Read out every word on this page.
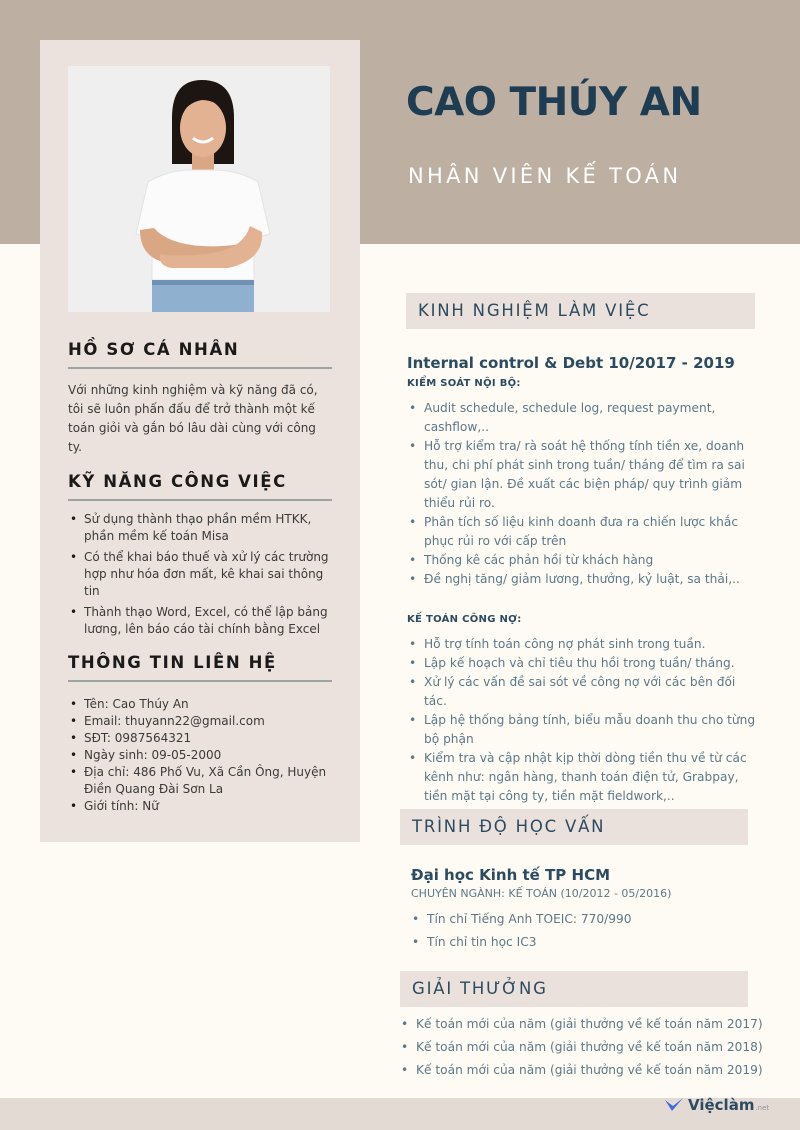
HỒ SƠ CÁ NHÂN

Với những kinh nghiệm và kỹ năng đã có, tôi sẽ luôn phấn đấu để trở thành một kế toán giỏi và gắn bó lâu dài cùng với công ty.

KỸ NĂNG CÔNG VIỆC
• Sử dụng thành thạo phần mềm HTKK, phần mềm kế toán Misa
• Có thể khai báo thuế và xử lý các trường hợp như hóa đơn mất, kê khai sai thông tin
• Thành thạo Word, Excel, có thể lập bảng lương, lên báo cáo tài chính bằng Excel
THÔNG TIN LIÊN HỆ
• Tên: Cao Thúy An
• Email: thuyann22@gmail.com
• SĐT: 0987564321
• Ngày sinh: 09-05-2000
• Địa chỉ: 486 Phố Vu, Xã Cần Ông, Huyện Điền Quang Đài Sơn La
• Giới tính: Nữ
CAO THÚY AN
NHÂN VIÊN KẾ TOÁN
KINH NGHIỆM LÀM VIỆC
Internal control & Debt 10/2017 - 2019
KIỂM SOÁT NỘI BỘ:
• Audit schedule, schedule log, request payment, cashflow,..
• Hỗ trợ kiểm tra/ rà soát hệ thống tính tiền xe, doanh thu, chi phí phát sinh trong tuần/ tháng để tìm ra sai sót/ gian lận. Đề xuất các biện pháp/ quy trình giảm thiểu rủi ro.
• Phân tích số liệu kinh doanh đưa ra chiến lược khắc phục rủi ro với cấp trên
• Thống kê các phản hồi từ khách hàng
• Đề nghị tăng/ giảm lương, thưởng, kỷ luật, sa thải,..
KẾ TOÁN CÔNG NỢ:
• Hỗ trợ tính toán công nợ phát sinh trong tuần.
• Lập kế hoạch và chỉ tiêu thu hồi trong tuần/ tháng.
• Xử lý các vấn đề sai sót về công nợ với các bên đối tác.
• Lập hệ thống bảng tính, biểu mẫu doanh thu cho từng bộ phận
• Kiểm tra và cập nhật kịp thời dòng tiền thu về từ các kênh như: ngân hàng, thanh toán điện tử, Grabpay, tiền mặt tại công ty, tiền mặt fieldwork,..
TRÌNH ĐỘ HỌC VẤN
Đại học Kinh tế TP HCM
CHUYÊN NGÀNH: KẾ TOÁN (10/2012 - 05/2016)
• Tín chỉ Tiếng Anh TOEIC: 770/990
• Tín chỉ tin học IC3
GIẢI THƯỞNG
• Kế toán mới của năm (giải thưởng về kế toán năm 2017)
• Kế toán mới của năm (giải thưởng về kế toán năm 2018)
• Kế toán mới của năm (giải thưởng về kế toán năm 2019)
Việclàm .net
